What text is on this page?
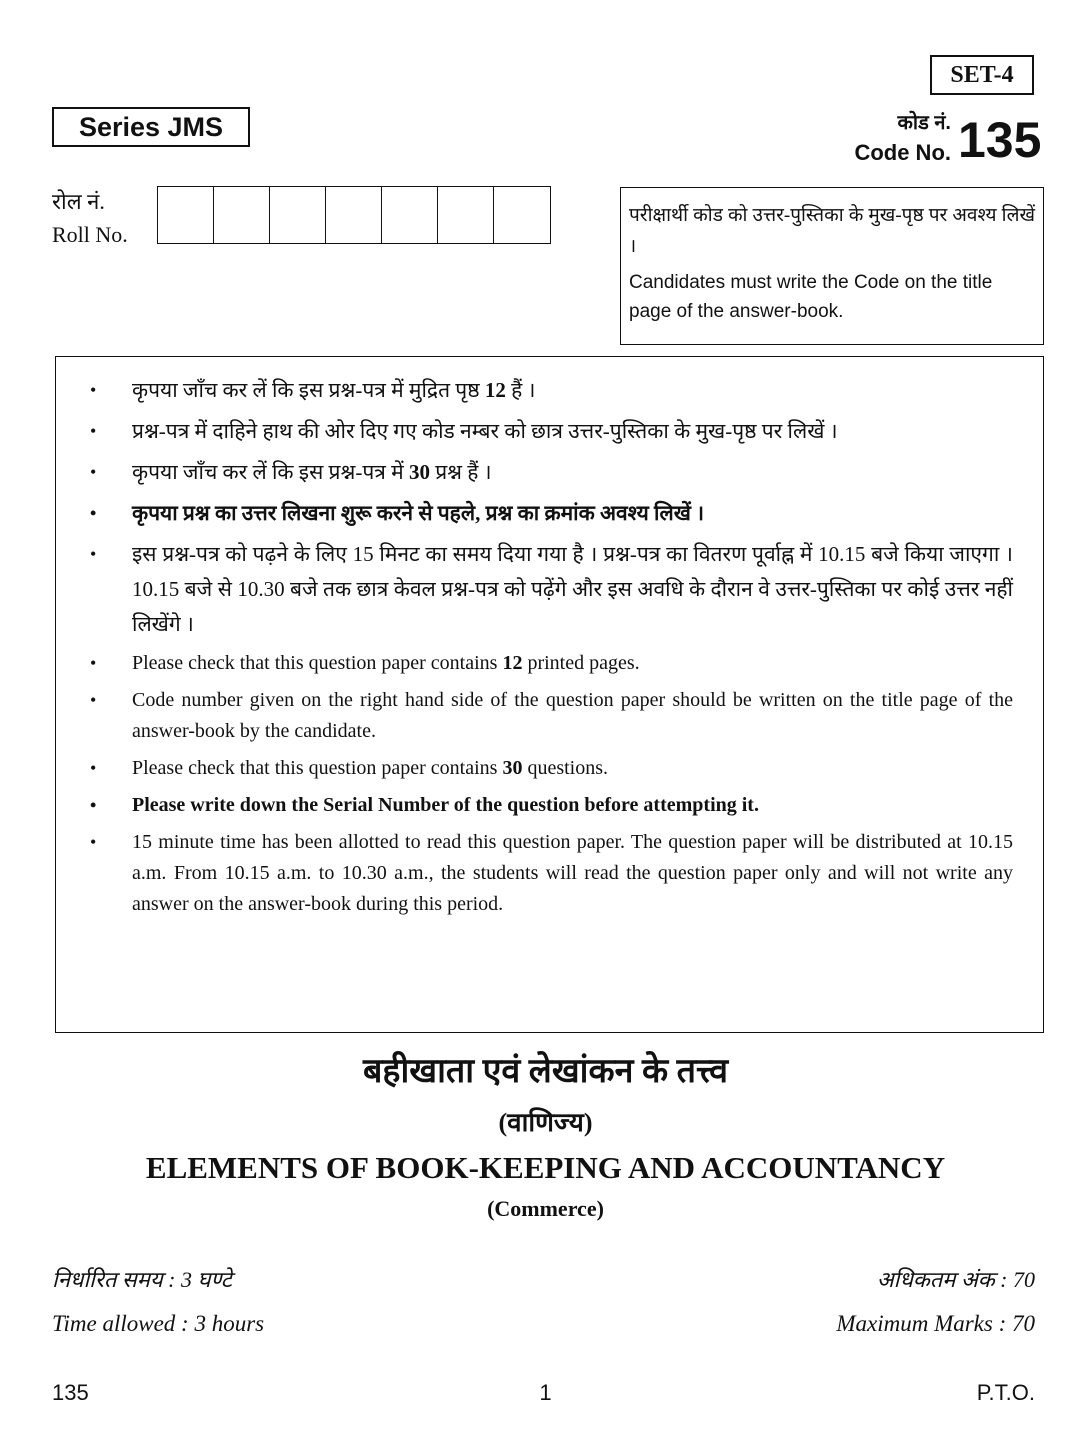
SET-4
Series JMS	कोड नं.
Code No. 135
रोल नं.
Roll No.
परीक्षार्थी कोड को उत्तर-पुस्तिका के मुख-पृष्ठ पर अवश्य लिखें ।
Candidates must write the Code on the title page of the answer-book.
• कृपया जाँच कर लें कि इस प्रश्न-पत्र में मुद्रित पृष्ठ 12 हैं ।
• प्रश्न-पत्र में दाहिने हाथ की ओर दिए गए कोड नम्बर को छात्र उत्तर-पुस्तिका के मुख-पृष्ठ पर लिखें ।
• कृपया जाँच कर लें कि इस प्रश्न-पत्र में 30 प्रश्न हैं ।
• कृपया प्रश्न का उत्तर लिखना शुरू करने से पहले, प्रश्न का क्रमांक अवश्य लिखें ।
• इस प्रश्न-पत्र को पढ़ने के लिए 15 मिनट का समय दिया गया है । प्रश्न-पत्र का वितरण पूर्वाह्न में 10.15 बजे किया जाएगा । 10.15 बजे से 10.30 बजे तक छात्र केवल प्रश्न-पत्र को पढ़ेंगे और इस अवधि के दौरान वे उत्तर-पुस्तिका पर कोई उत्तर नहीं लिखेंगे ।
• Please check that this question paper contains 12 printed pages.
• Code number given on the right hand side of the question paper should be written on the title page of the answer-book by the candidate.
• Please check that this question paper contains 30 questions.
• Please write down the Serial Number of the question before attempting it.
• 15 minute time has been allotted to read this question paper. The question paper will be distributed at 10.15 a.m. From 10.15 a.m. to 10.30 a.m., the students will read the question paper only and will not write any answer on the answer-book during this period.
बहीखाता एवं लेखांकन के तत्त्व
(वाणिज्य)
ELEMENTS OF BOOK-KEEPING AND ACCOUNTANCY
(Commerce)
निर्धारित समय : 3 घण्टे
Time allowed : 3 hours
अधिकतम अंक : 70
Maximum Marks : 70
135	1	P.T.O.
